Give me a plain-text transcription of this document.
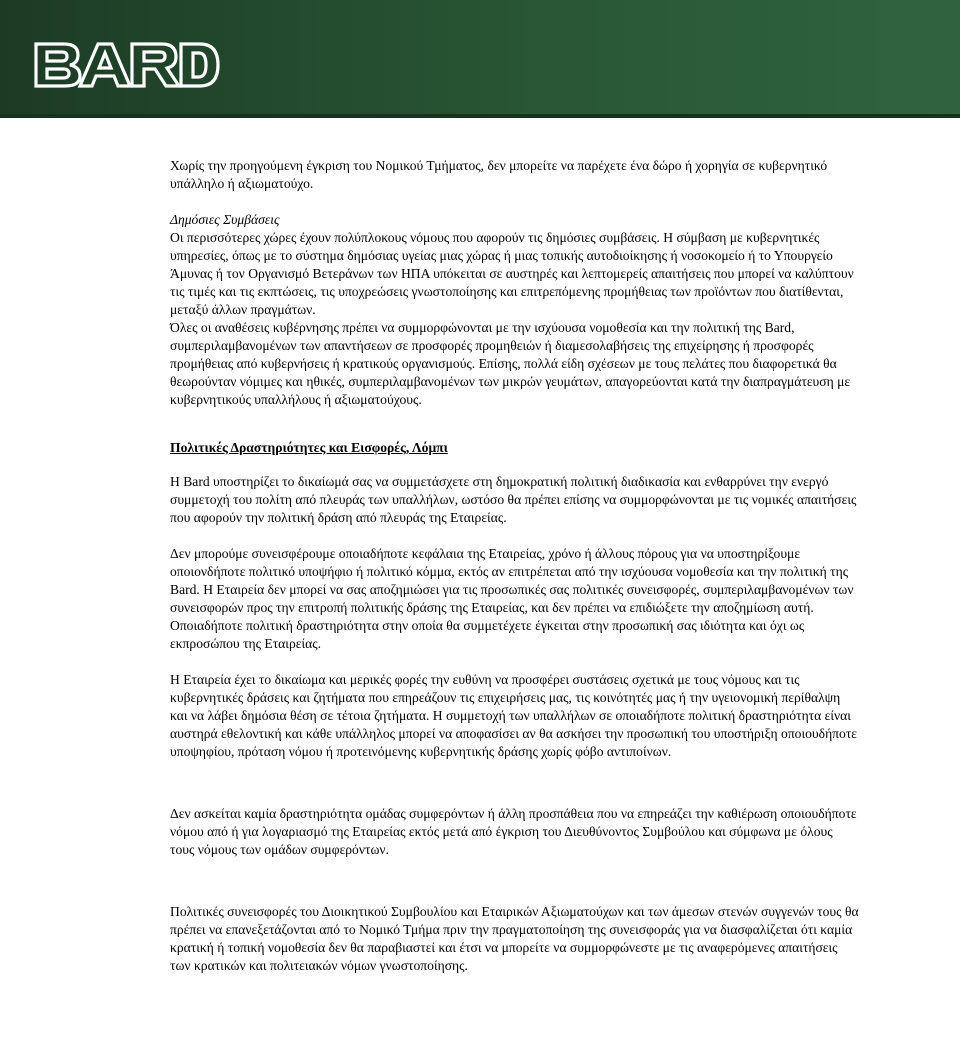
Χωρίς την προηγούμενη έγκριση του Νομικού Τμήματος, δεν μπορείτε να παρέχετε ένα δώρο ή χορηγία σε κυβερνητικό υπάλληλο ή αξιωματούχο.

Δημόσιες Συμβάσεις

Οι περισσότερες χώρες έχουν πολύπλοκους νόμους που αφορούν τις δημόσιες συμβάσεις. Η σύμβαση με κυβερνητικές υπηρεσίες, όπως με το σύστημα δημόσιας υγείας μιας χώρας ή μιας τοπικής αυτοδιοίκησης ή νοσοκομείο ή το Υπουργείο Άμυνας ή τον Οργανισμό Βετεράνων των ΗΠΑ υπόκειται σε αυστηρές και λεπτομερείς απαιτήσεις που μπορεί να καλύπτουν τις τιμές και τις εκπτώσεις, τις υποχρεώσεις γνωστοποίησης και επιτρεπόμενης προμήθειας των προϊόντων που διατίθενται, μεταξύ άλλων πραγμάτων.

Όλες οι αναθέσεις κυβέρνησης πρέπει να συμμορφώνονται με την ισχύουσα νομοθεσία και την πολιτική της Bard, συμπεριλαμβανομένων των απαντήσεων σε προσφορές προμηθειών ή διαμεσολαβήσεις της επιχείρησης ή προσφορές προμήθειας από κυβερνήσεις ή κρατικούς οργανισμούς. Επίσης, πολλά είδη σχέσεων με τους πελάτες που διαφορετικά θα θεωρούνταν νόμιμες και ηθικές, συμπεριλαμβανομένων των μικρών γευμάτων, απαγορεύονται κατά την διαπραγμάτευση με κυβερνητικούς υπαλλήλους ή αξιωματούχους.

Πολιτικές Δραστηριότητες και Εισφορές, Λόμπι

Η Bard υποστηρίζει το δικαίωμά σας να συμμετάσχετε στη δημοκρατική πολιτική διαδικασία και ενθαρρύνει την ενεργό συμμετοχή του πολίτη από πλευράς των υπαλλήλων, ωστόσο θα πρέπει επίσης να συμμορφώνονται με τις νομικές απαιτήσεις που αφορούν την πολιτική δράση από πλευράς της Εταιρείας.

Δεν μπορούμε συνεισφέρουμε οποιαδήποτε κεφάλαια της Εταιρείας, χρόνο ή άλλους πόρους για να υποστηρίξουμε οποιονδήποτε πολιτικό υποψήφιο ή πολιτικό κόμμα, εκτός αν επιτρέπεται από την ισχύουσα νομοθεσία και την πολιτική της Bard. Η Εταιρεία δεν μπορεί να σας αποζημιώσει για τις προσωπικές σας πολιτικές συνεισφορές, συμπεριλαμβανομένων των συνεισφορών προς την επιτροπή πολιτικής δράσης της Εταιρείας, και δεν πρέπει να επιδιώξετε την αποζημίωση αυτή. Οποιαδήποτε πολιτική δραστηριότητα στην οποία θα συμμετέχετε έγκειται στην προσωπική σας ιδιότητα και όχι ως εκπροσώπου της Εταιρείας.

Η Εταιρεία έχει το δικαίωμα και μερικές φορές την ευθύνη να προσφέρει συστάσεις σχετικά με τους νόμους και τις κυβερνητικές δράσεις και ζητήματα που επηρεάζουν τις επιχειρήσεις μας, τις κοινότητές μας ή την υγειονομική περίθαλψη και να λάβει δημόσια θέση σε τέτοια ζητήματα. Η συμμετοχή των υπαλλήλων σε οποιαδήποτε πολιτική δραστηριότητα είναι αυστηρά εθελοντική και κάθε υπάλληλος μπορεί να αποφασίσει αν θα ασκήσει την προσωπική του υποστήριξη οποιουδήποτε υποψηφίου, πρόταση νόμου ή προτεινόμενης κυβερνητικής δράσης χωρίς φόβο αντιποίνων.

Δεν ασκείται καμία δραστηριότητα ομάδας συμφερόντων ή άλλη προσπάθεια που να επηρεάζει την καθιέρωση οποιουδήποτε νόμου από ή για λογαριασμό της Εταιρείας εκτός μετά από έγκριση του Διευθύνοντος Συμβούλου και σύμφωνα με όλους τους νόμους των ομάδων συμφερόντων.

Πολιτικές συνεισφορές του Διοικητικού Συμβουλίου και Εταιρικών Αξιωματούχων και των άμεσων στενών συγγενών τους θα πρέπει να επανεξετάζονται από το Νομικό Τμήμα πριν την πραγματοποίηση της συνεισφοράς για να διασφαλίζεται ότι καμία κρατική ή τοπική νομοθεσία δεν θα παραβιαστεί και έτσι να μπορείτε να συμμορφώνεστε με τις αναφερόμενες απαιτήσεις των κρατικών και πολιτειακών νόμων γνωστοποίησης.
